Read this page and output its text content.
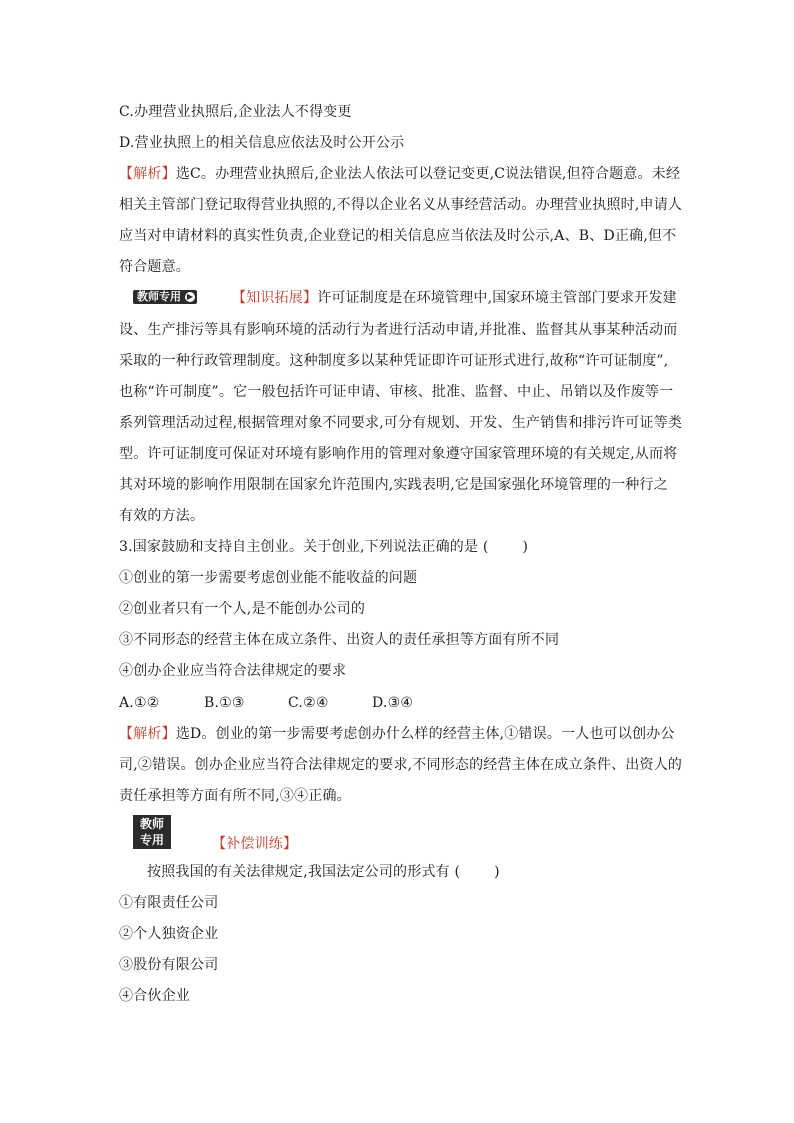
C.办理营业执照后,企业法人不得变更
D.营业执照上的相关信息应依法及时公开公示
【解析】选C。办理营业执照后,企业法人依法可以登记变更,C说法错误,但符合题意。未经
相关主管部门登记取得营业执照的,不得以企业名义从事经营活动。办理营业执照时,申请人
应当对申请材料的真实性负责,企业登记的相关信息应当依法及时公示,A、B、D正确,但不
符合题意。
教师专用 ▶	【知识拓展】许可证制度是在环境管理中,国家环境主管部门要求开发建
设、生产排污等具有影响环境的活动行为者进行活动申请,并批准、监督其从事某种活动而
采取的一种行政管理制度。这种制度多以某种凭证即许可证形式进行,故称“许可证制度”,
也称“许可制度”。它一般包括许可证申请、审核、批准、监督、中止、吊销以及作废等一
系列管理活动过程,根据管理对象不同要求,可分有规划、开发、生产销售和排污许可证等类
型。许可证制度可保证对环境有影响作用的管理对象遵守国家管理环境的有关规定,从而将
其对环境的影响作用限制在国家允许范围内,实践表明,它是国家强化环境管理的一种行之
有效的方法。
3.国家鼓励和支持自主创业。关于创业,下列说法正确的是 ( )
①创业的第一步需要考虑创业能不能收益的问题
②创业者只有一个人,是不能创办公司的
③不同形态的经营主体在成立条件、出资人的责任承担等方面有所不同
④创办企业应当符合法律规定的要求
A.①②	B.①③	C.②④	D.③④
【解析】选D。创业的第一步需要考虑创办什么样的经营主体,①错误。一人也可以创办公
司,②错误。创办企业应当符合法律规定的要求,不同形态的经营主体在成立条件、出资人的
责任承担等方面有所不同,③④正确。
教师
专用	【补偿训练】
按照我国的有关法律规定,我国法定公司的形式有 ( )
①有限责任公司
②个人独资企业
③股份有限公司
④合伙企业
